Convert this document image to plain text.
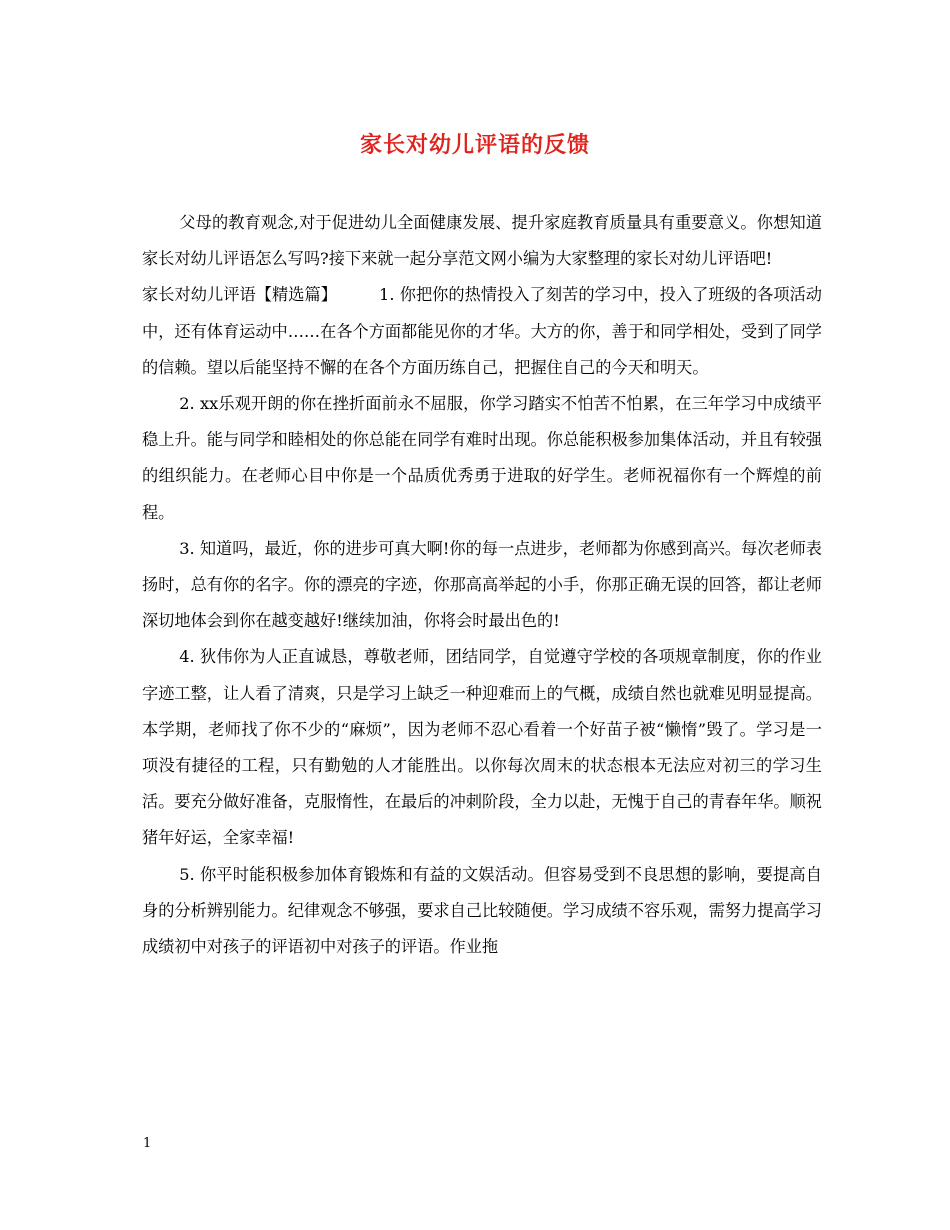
家长对幼儿评语的反馈

父母的教育观念,对于促进幼儿全面健康发展、提升家庭教育质量具有重要意义。你想知道家长对幼儿评语怎么写吗?接下来就一起分享范文网小编为大家整理的家长对幼儿评语吧!

家长对幼儿评语【精选篇】	1. 你把你的热情投入了刻苦的学习中，投入了班级的各项活动中，还有体育运动中……在各个方面都能见你的才华。大方的你，善于和同学相处，受到了同学的信赖。望以后能坚持不懈的在各个方面历练自己，把握住自己的今天和明天。

2. xx乐观开朗的你在挫折面前永不屈服，你学习踏实不怕苦不怕累，在三年学习中成绩平稳上升。能与同学和睦相处的你总能在同学有难时出现。你总能积极参加集体活动，并且有较强的组织能力。在老师心目中你是一个品质优秀勇于进取的好学生。老师祝福你有一个辉煌的前程。

3. 知道吗，最近，你的进步可真大啊!你的每一点进步，老师都为你感到高兴。每次老师表扬时，总有你的名字。你的漂亮的字迹，你那高高举起的小手，你那正确无误的回答，都让老师深切地体会到你在越变越好!继续加油，你将会时最出色的!

4. 狄伟你为人正直诚恳，尊敬老师，团结同学，自觉遵守学校的各项规章制度，你的作业字迹工整，让人看了清爽，只是学习上缺乏一种迎难而上的气概，成绩自然也就难见明显提高。本学期，老师找了你不少的“麻烦”，因为老师不忍心看着一个好苗子被“懒惰”毁了。学习是一项没有捷径的工程，只有勤勉的人才能胜出。以你每次周末的状态根本无法应对初三的学习生活。要充分做好准备，克服惰性，在最后的冲刺阶段，全力以赴，无愧于自己的青春年华。顺祝猪年好运，全家幸福!

5. 你平时能积极参加体育锻炼和有益的文娱活动。但容易受到不良思想的影响，要提高自身的分析辨别能力。纪律观念不够强，要求自己比较随便。学习成绩不容乐观，需努力提高学习成绩初中对孩子的评语初中对孩子的评语。作业拖

1
